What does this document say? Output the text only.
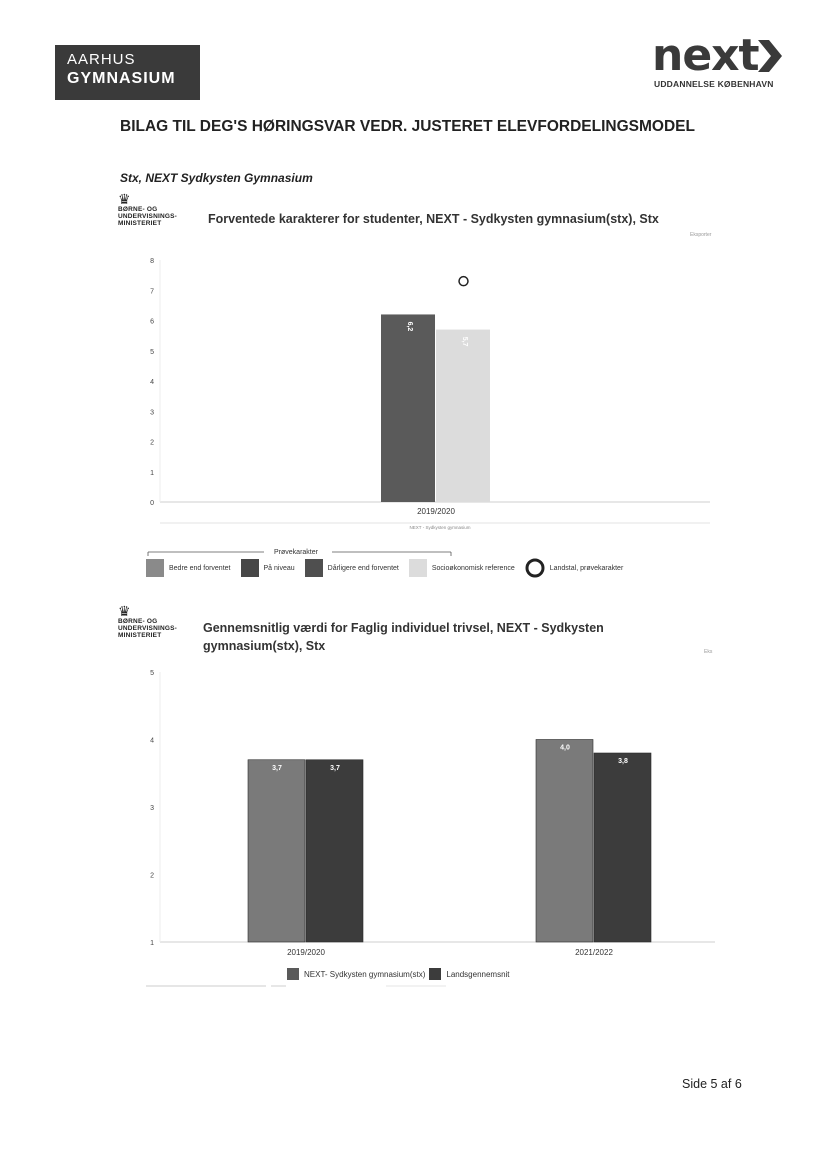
AARHUS
GYMNASIUM	next
UDDANNELSE KØBENHAVN
BILAG TIL DEG'S HØRINGSVAR VEDR. JUSTERET ELEVFORDELINGSMODEL
Stx, NEXT Sydkysten Gymnasium
♛
BØRNE- OG
UNDERVISNINGS-
MINISTERIET	Forventede karakterer for studenter, NEXT - Sydkysten gymnasium(stx), Stx
Eksporter
0
1
2
3
4
5
6
7
8
6,2
5,7
2019/2020
NEXT - Sydkysten gymnasium
Prøvekarakter
Bedre end forventet	På niveau	Dårligere end forventet	Socioøkonomisk reference	Landstal, prøvekarakter
♛
BØRNE- OG
UNDERVISNINGS-
MINISTERIET
Gennemsnitlig værdi for Faglig individuel trivsel, NEXT - Sydkysten
gymnasium(stx), Stx	Eks
1
2
3
4
5
3,7	3,7
2019/2020
4,0
3,8
2021/2022
NEXT- Sydkysten gymnasium(stx)	Landsgennemsnit
Side 5 af 6
